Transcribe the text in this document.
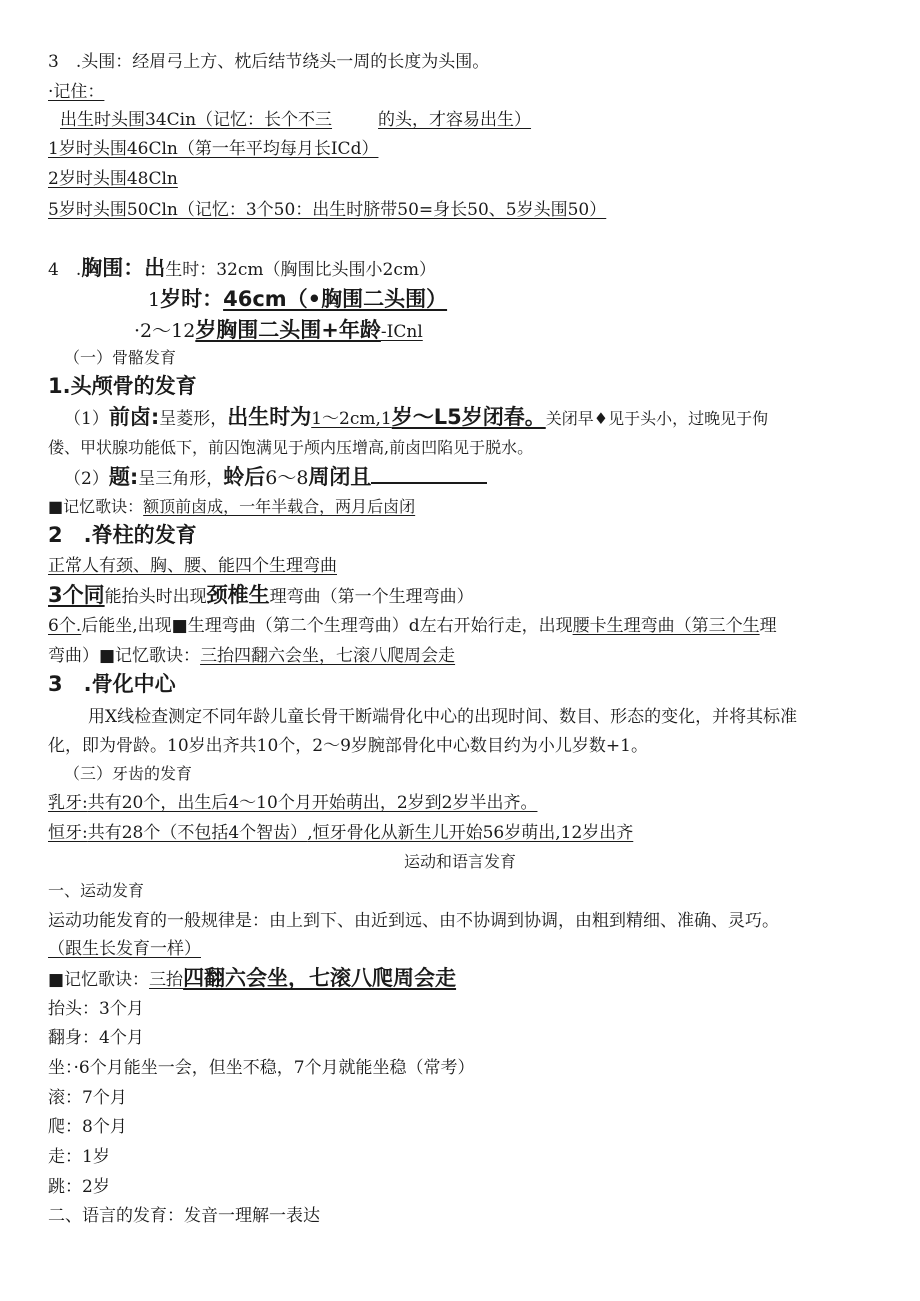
3　.头围：经眉弓上方、枕后结节绕头一周的长度为头围。
·记住：
出生时头围34Cin（记忆：长个不三	的头，才容易出生）
1岁时头围46Cln（第一年平均每月长ICd）
2岁时头围48Cln
5岁时头围50Cln（记忆：3个50：出生时脐带50=身长50、5岁头围50）
4　.胸围：出生时：32cm（胸围比头围小2cm）
1岁时：46cm（•胸围二头围）
·2～12岁胸围二头围+年龄-ICnl
（一）骨骼发育
1.头颅骨的发育
（1）前卤:呈菱形，出生时为1～2cm,1岁～L5岁闭春。关闭早♦见于头小，过晚见于佝
偻、甲状腺功能低下，前囚饱满见于颅内压增高,前卤凹陷见于脱水。
（2）题:呈三角形，蛉后6～8周闭且
■记忆歌诀：额顶前卤成，一年半载合，两月后卤闭
2　.脊柱的发育
正常人有颈、胸、腰、能四个生理弯曲
3个同能抬头时出现颈椎生理弯曲（第一个生理弯曲）
6个.后能坐,出现■生理弯曲（第二个生理弯曲）d左右开始行走，出现腰卡生理弯曲（第三个生理
弯曲）■记忆歌诀：三抬四翻六会坐，七滚八爬周会走
3　.骨化中心
用X线检查测定不同年龄儿童长骨干断端骨化中心的出现时间、数目、形态的变化，并将其标准
化，即为骨龄。10岁出齐共10个，2～9岁腕部骨化中心数目约为小儿岁数+1。
（三）牙齿的发育
乳牙:共有20个，出生后4～10个月开始萌出，2岁到2岁半出齐。
恒牙:共有28个（不包括4个智齿）,恒牙骨化从新生儿开始56岁萌出,12岁出齐
运动和语言发育
一、运动发育
运动功能发育的一般规律是：由上到下、由近到远、由不协调到协调，由粗到精细、准确、灵巧。
（跟生长发育一样）
■记忆歌诀：三抬四翻六会坐，七滚八爬周会走
抬头：3个月
翻身：4个月
坐：·6个月能坐一会，但坐不稳，7个月就能坐稳（常考）
滚：7个月
爬：8个月
走：1岁
跳：2岁
二、语言的发育：发音一理解一表达
